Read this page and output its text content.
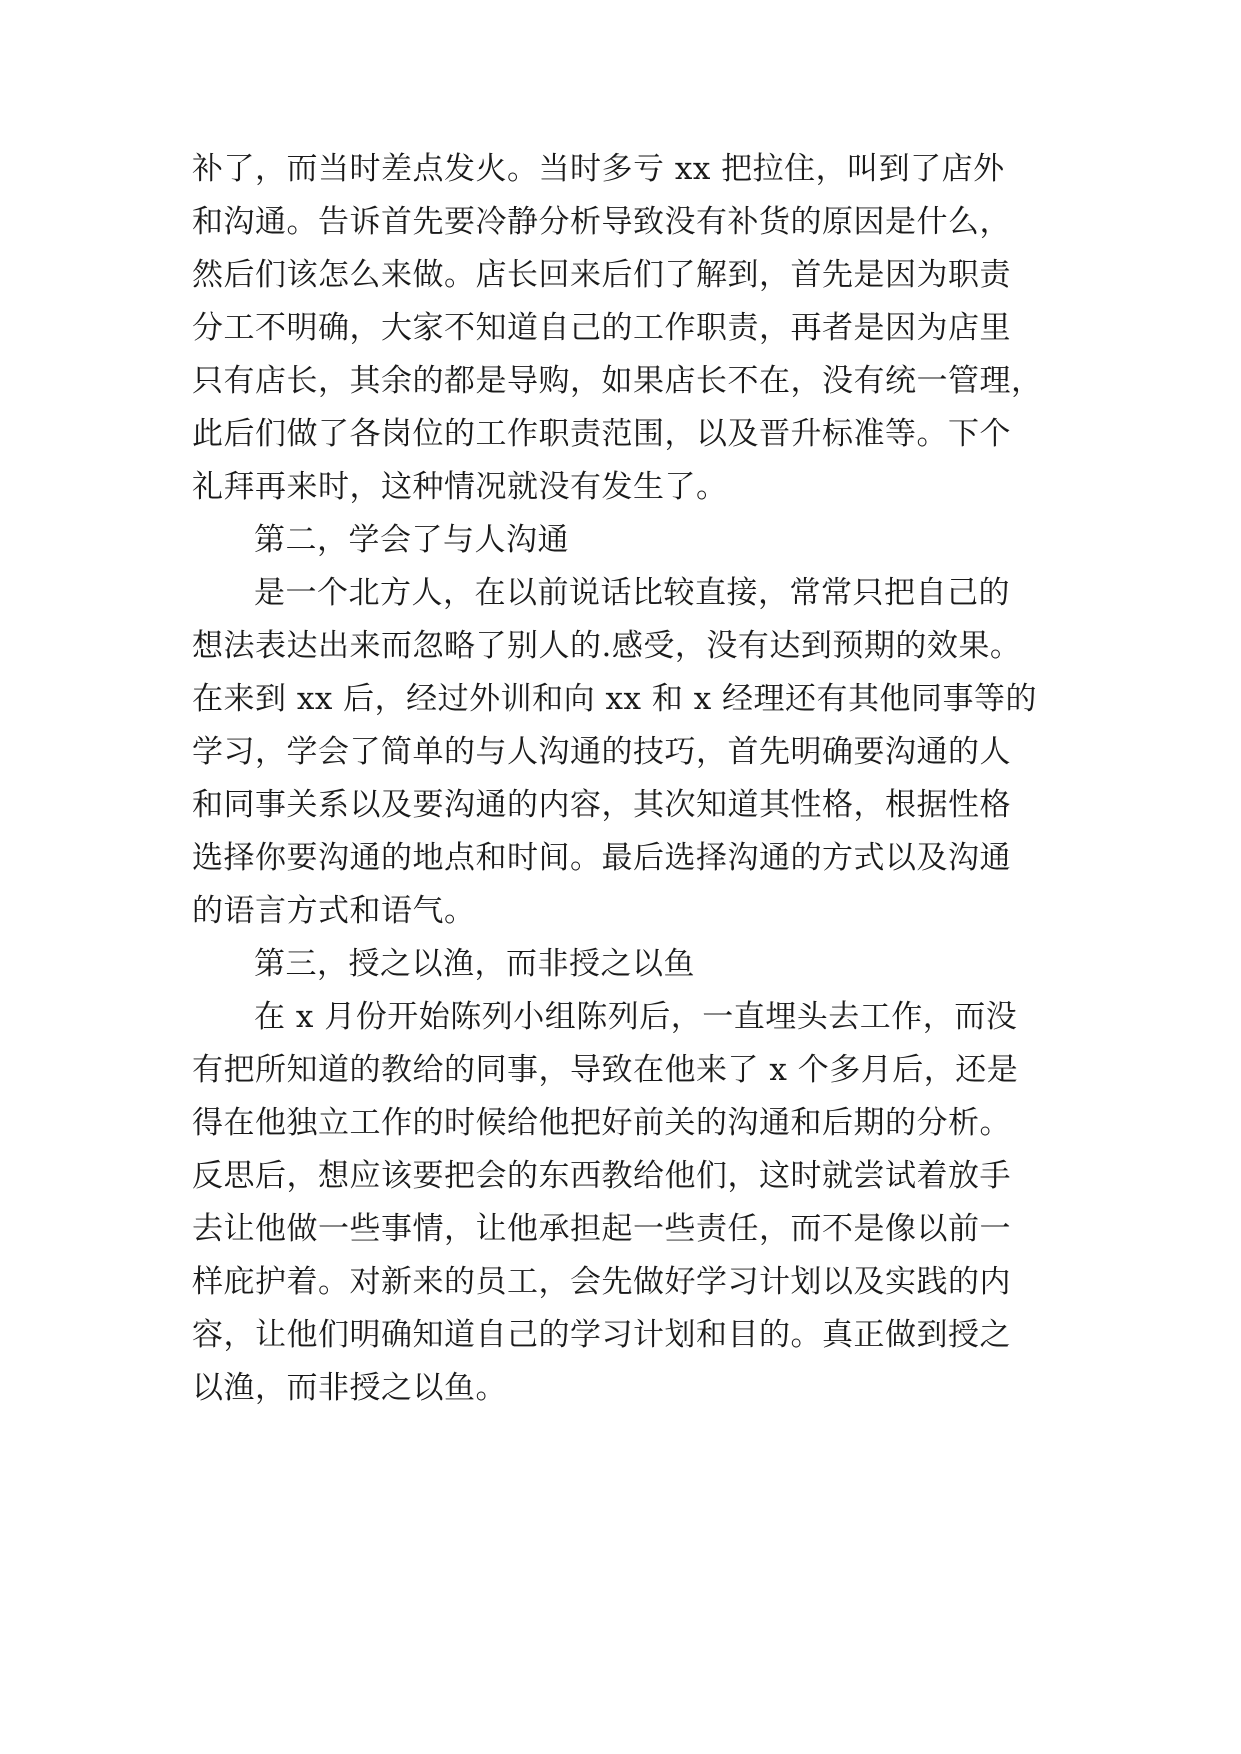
补了，而当时差点发火。当时多亏 xx 把拉住，叫到了店外
和沟通。告诉首先要冷静分析导致没有补货的原因是什么，
然后们该怎么来做。店长回来后们了解到，首先是因为职责
分工不明确，大家不知道自己的工作职责，再者是因为店里
只有店长，其余的都是导购，如果店长不在，没有统一管理，
此后们做了各岗位的工作职责范围，以及晋升标准等。下个
礼拜再来时，这种情况就没有发生了。
第二，学会了与人沟通
是一个北方人，在以前说话比较直接，常常只把自己的
想法表达出来而忽略了别人的.感受，没有达到预期的效果。
在来到 xx 后，经过外训和向 xx 和 x 经理还有其他同事等的
学习，学会了简单的与人沟通的技巧，首先明确要沟通的人
和同事关系以及要沟通的内容，其次知道其性格，根据性格
选择你要沟通的地点和时间。最后选择沟通的方式以及沟通
的语言方式和语气。
第三，授之以渔，而非授之以鱼
在 x 月份开始陈列小组陈列后，一直埋头去工作，而没
有把所知道的教给的同事，导致在他来了 x 个多月后，还是
得在他独立工作的时候给他把好前关的沟通和后期的分析。
反思后，想应该要把会的东西教给他们，这时就尝试着放手
去让他做一些事情，让他承担起一些责任，而不是像以前一
样庇护着。对新来的员工，会先做好学习计划以及实践的内
容，让他们明确知道自己的学习计划和目的。真正做到授之
以渔，而非授之以鱼。
